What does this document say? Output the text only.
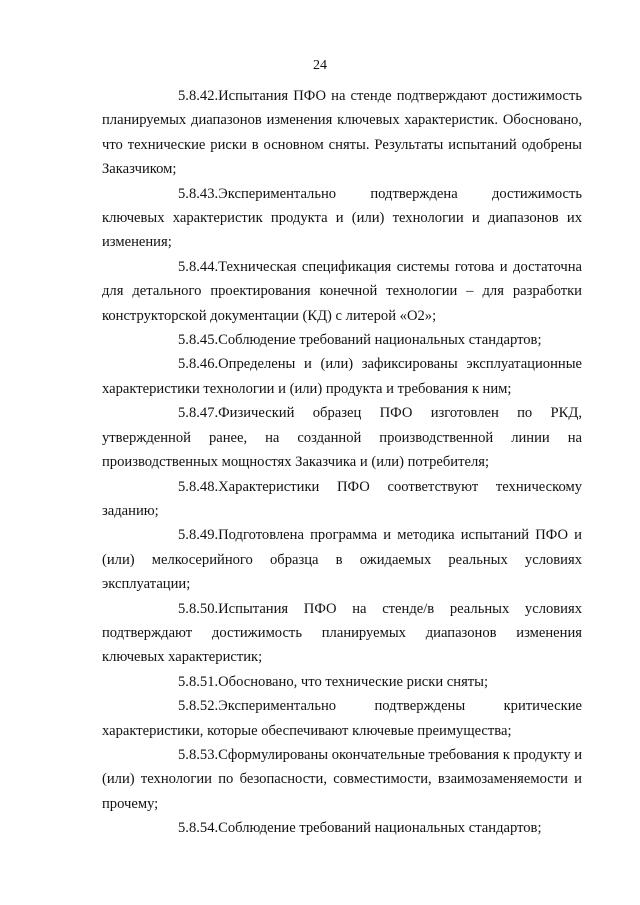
24

5.8.42.Испытания ПФО на стенде подтверждают достижимость планируемых диапазонов изменения ключевых характеристик. Обосновано, что технические риски в основном сняты. Результаты испытаний одобрены Заказчиком;

5.8.43.Экспериментально подтверждена достижимость ключевых характеристик продукта и (или) технологии и диапазонов их изменения;

5.8.44.Техническая спецификация системы готова и достаточна для детального проектирования конечной технологии – для разработки конструкторской документации (КД) с литерой «О2»;

5.8.45.Соблюдение требований национальных стандартов;

5.8.46.Определены и (или) зафиксированы эксплуатационные характеристики технологии и (или) продукта и требования к ним;

5.8.47.Физический образец ПФО изготовлен по РКД, утвержденной ранее, на созданной производственной линии на производственных мощностях Заказчика и (или) потребителя;

5.8.48.Характеристики ПФО соответствуют техническому заданию;

5.8.49.Подготовлена программа и методика испытаний ПФО и (или) мелкосерийного образца в ожидаемых реальных условиях эксплуатации;

5.8.50.Испытания ПФО на стенде/в реальных условиях подтверждают достижимость планируемых диапазонов изменения ключевых характеристик;

5.8.51.Обосновано, что технические риски сняты;

5.8.52.Экспериментально подтверждены критические характеристики, которые обеспечивают ключевые преимущества;

5.8.53.Сформулированы окончательные требования к продукту и (или) технологии по безопасности, совместимости, взаимозаменяемости и прочему;

5.8.54.Соблюдение требований национальных стандартов;
